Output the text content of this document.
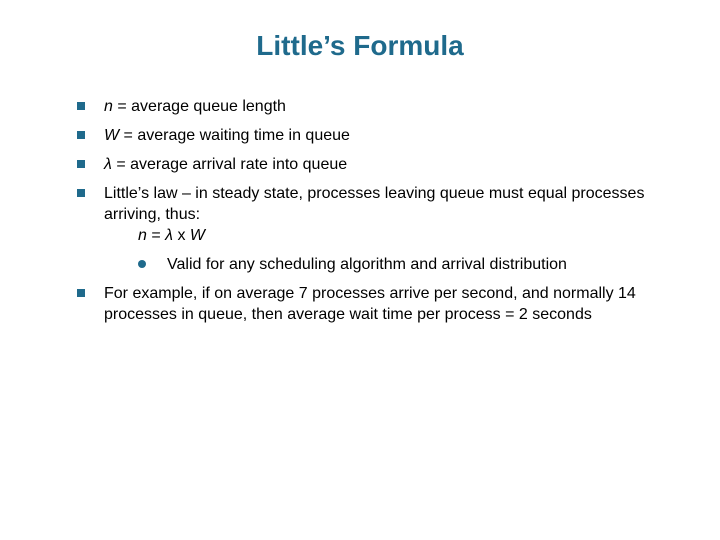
Little’s Formula
n = average queue length
W = average waiting time in queue
λ = average arrival rate into queue
Little’s law – in steady state, processes leaving queue must equal processes arriving, thus:
n = λ x W
Valid for any scheduling algorithm and arrival distribution
For example, if on average 7 processes arrive per second, and normally 14 processes in queue, then average wait time per process = 2 seconds
